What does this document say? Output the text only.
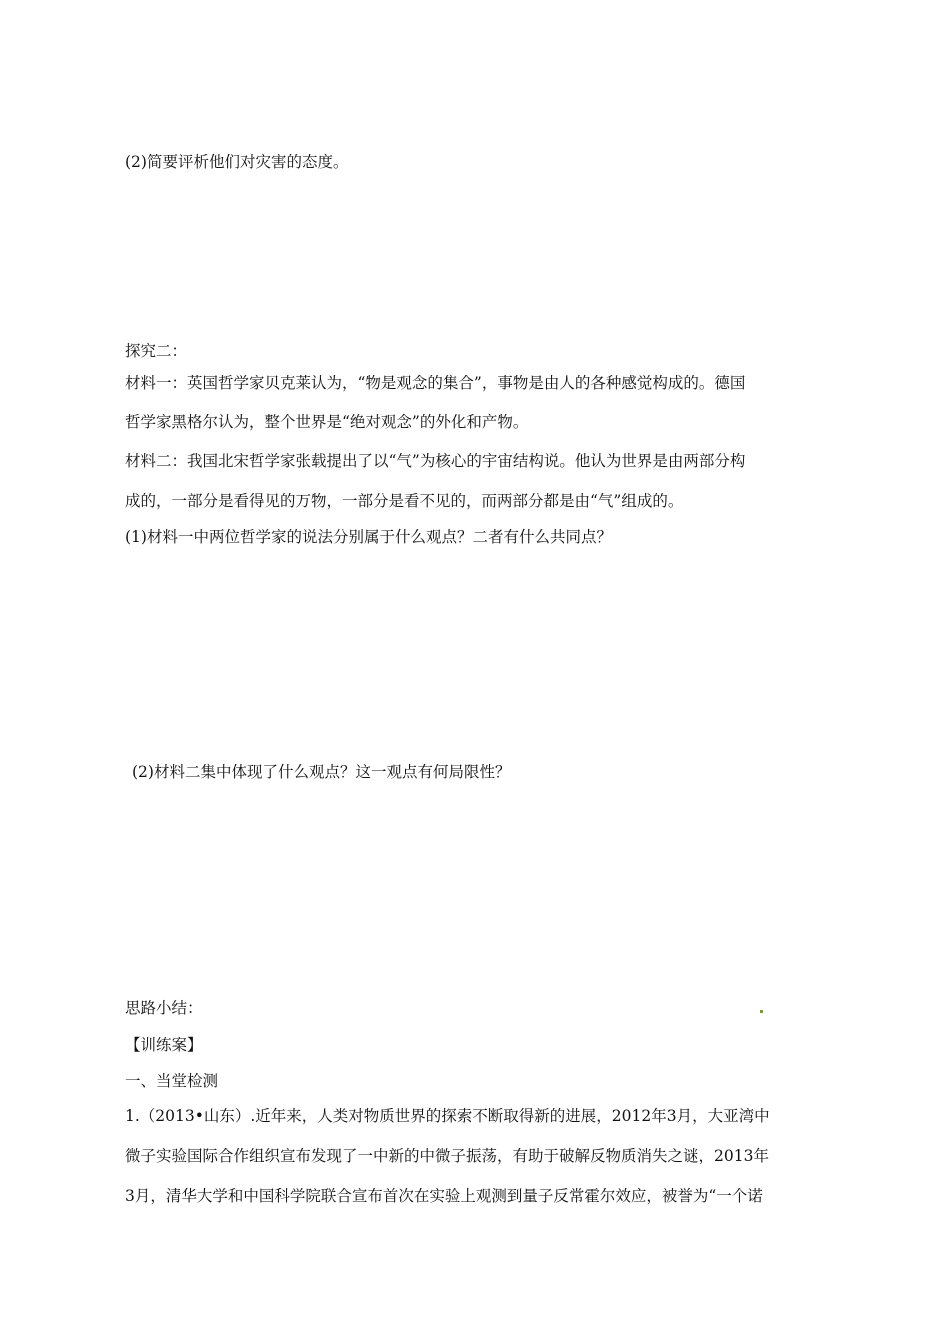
(2)简要评析他们对灾害的态度。
探究二：
材料一：英国哲学家贝克莱认为，“物是观念的集合”，事物是由人的各种感觉构成的。德国
哲学家黑格尔认为，整个世界是“绝对观念”的外化和产物。
材料二：我国北宋哲学家张载提出了以“气”为核心的宇宙结构说。他认为世界是由两部分构
成的，一部分是看得见的万物，一部分是看不见的，而两部分都是由“气”组成的。
(1)材料一中两位哲学家的说法分别属于什么观点？二者有什么共同点？
(2)材料二集中体现了什么观点？这一观点有何局限性？
思路小结：
【训练案】
一、当堂检测
1.（2013•山东）.近年来，人类对物质世界的探索不断取得新的进展，2012年3月，大亚湾中
微子实验国际合作组织宣布发现了一中新的中微子振荡，有助于破解反物质消失之谜，2013年
3月，清华大学和中国科学院联合宣布首次在实验上观测到量子反常霍尔效应，被誉为“一个诺
